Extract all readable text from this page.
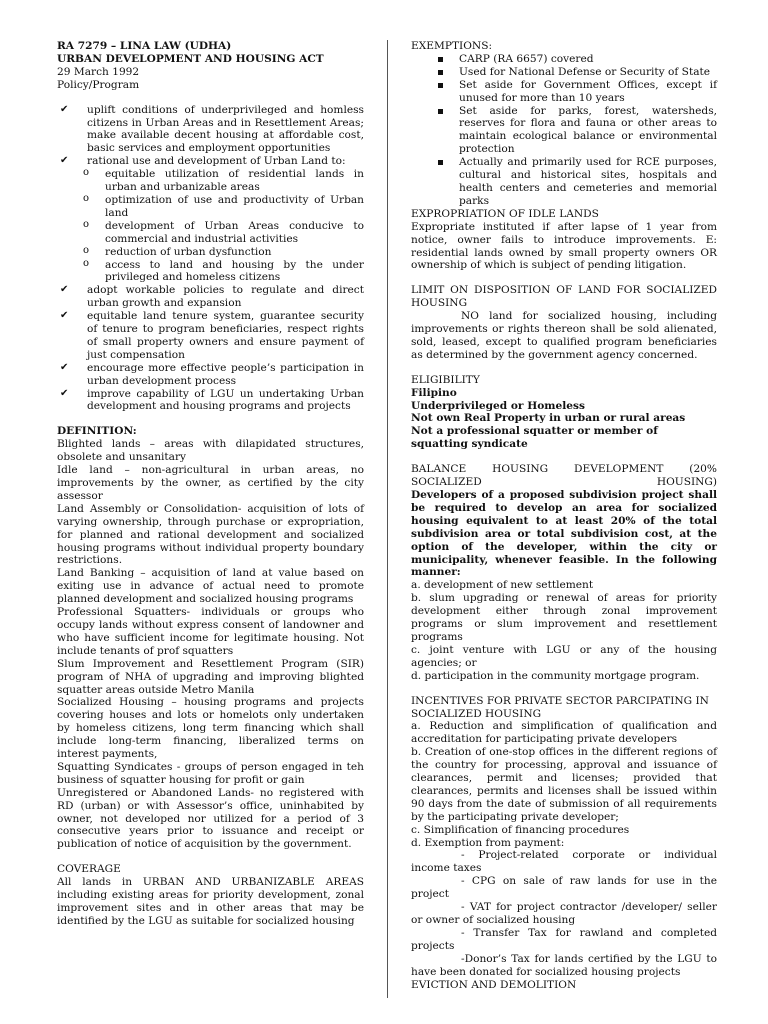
RA 7279 – LINA LAW (UDHA)

URBAN DEVELOPMENT AND HOUSING ACT

29 March 1992

Policy/Program

✔ uplift conditions of underprivileged and homless citizens in Urban Areas and in Resettlement Areas; make available decent housing at affordable cost, basic services and employment opportunities
✔ rational use and development of Urban Land to:
o equitable utilization of residential lands in urban and urbanizable areas
o optimization of use and productivity of Urban land
o development of Urban Areas conducive to commercial and industrial activities
o reduction of urban dysfunction
o access to land and housing by the under privileged and homeless citizens
✔ adopt workable policies to regulate and direct urban growth and expansion
✔ equitable land tenure system, guarantee security of tenure to program beneficiaries, respect rights of small property owners and ensure payment of just compensation
✔ encourage more effective people’s participation in urban development process
✔ improve capability of LGU un undertaking Urban development and housing programs and projects

DEFINITION:

Blighted lands – areas with dilapidated structures, obsolete and unsanitary

Idle land – non-agricultural in urban areas, no improvements by the owner, as certified by the city assessor

Land Assembly or Consolidation- acquisition of lots of varying ownership, through purchase or expropriation, for planned and rational development and socialized housing programs without individual property boundary restrictions.

Land Banking – acquisition of land at value based on exiting use in advance of actual need to promote planned development and socialized housing programs

Professional Squatters- individuals or groups who occupy lands without express consent of landowner and who have sufficient income for legitimate housing. Not include tenants of prof squatters

Slum Improvement and Resettlement Program (SIR) program of NHA of upgrading and improving blighted squatter areas outside Metro Manila

Socialized Housing – housing programs and projects covering houses and lots or homelots only undertaken by homeless citizens, long term financing which shall include long-term financing, liberalized terms on interest payments,

Squatting Syndicates - groups of person engaged in teh business of squatter housing for profit or gain

Unregistered or Abandoned Lands- no registered with RD (urban) or with Assessor’s office, uninhabited by owner, not developed nor utilized for a period of 3 consecutive years prior to issuance and receipt or publication of notice of acquisition by the government.

COVERAGE

All lands in URBAN AND URBANIZABLE AREAS including existing areas for priority development, zonal improvement sites and in other areas that may be identified by the LGU as suitable for socialized housing

EXEMPTIONS:

CARP (RA 6657) covered
Used for National Defense or Security of State
Set aside for Government Offices, except if unused for more than 10 years
Set aside for parks, forest, watersheds, reserves for flora and fauna or other areas to maintain ecological balance or environmental protection
Actually and primarily used for RCE purposes, cultural and historical sites, hospitals and health centers and cemeteries and memorial parks

EXPROPRIATION OF IDLE LANDS

Expropriate instituted if after lapse of 1 year from notice, owner fails to introduce improvements. E: residential lands owned by small property owners OR ownership of which is subject of pending litigation.

LIMIT ON DISPOSITION OF LAND FOR SOCIALIZED HOUSING

NO land for socialized housing, including improvements or rights thereon shall be sold alienated, sold, leased, except to qualified program beneficiaries as determined by the government agency concerned.

ELIGIBILITY

Filipino

Underprivileged or Homeless

Not own Real Property in urban or rural areas

Not a professional squatter or member of squatting syndicate

BALANCE HOUSING DEVELOPMENT (20% SOCIALIZED HOUSING)

Developers of a proposed subdivision project shall be required to develop an area for socialized housing equivalent to at least 20% of the total subdivision area or total subdivision cost, at the option of the developer, within the city or municipality, whenever feasible. In the following manner:

a. development of new settlement

b. slum upgrading or renewal of areas for priority development either through zonal improvement programs or slum improvement and resettlement programs

c. joint venture with LGU or any of the housing agencies; or

d. participation in the community mortgage program.

INCENTIVES FOR PRIVATE SECTOR PARCIPATING IN SOCIALIZED HOUSING

a. Reduction and simplification of qualification and accreditation for participating private developers

b. Creation of one-stop offices in the different regions of the country for processing, approval and issuance of clearances, permit and licenses; provided that clearances, permits and licenses shall be issued within 90 days from the date of submission of all requirements by the participating private developer;

c. Simplification of financing procedures

d. Exemption from payment:

- Project-related corporate or individual income taxes

- CPG on sale of raw lands for use in the project

- VAT for project contractor /developer/ seller or owner of socialized housing

- Transfer Tax for rawland and completed projects

-Donor’s Tax for lands certified by the LGU to have been donated for socialized housing projects

EVICTION AND DEMOLITION
